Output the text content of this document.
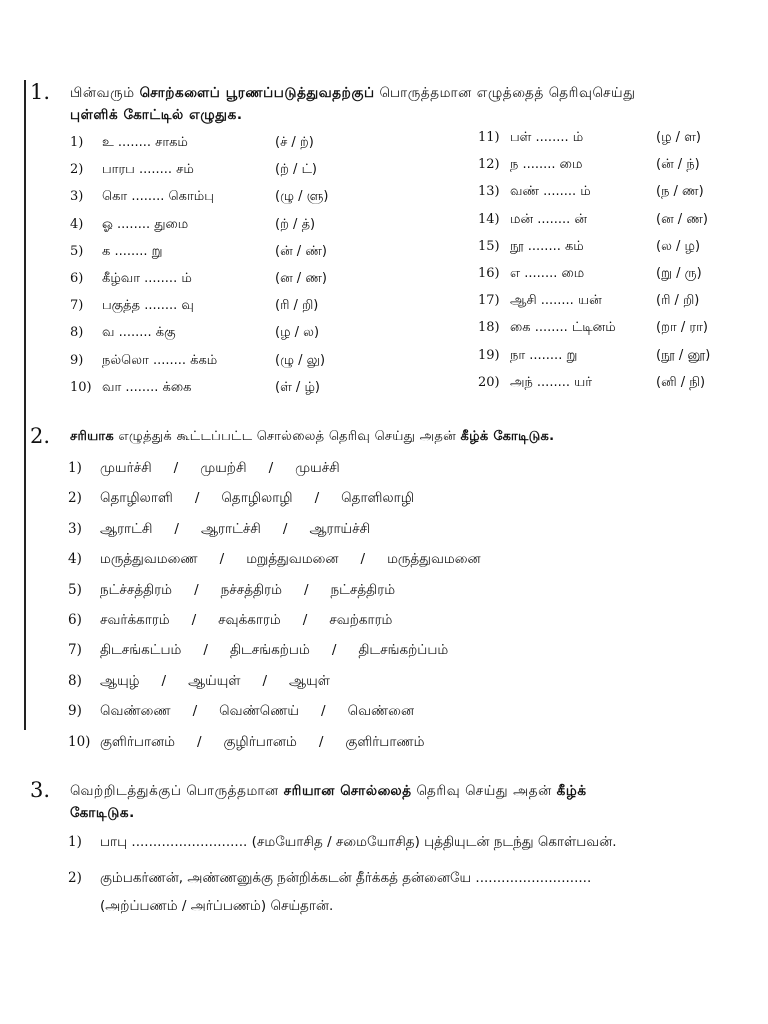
1. பின்வரும் சொற்களைப் பூரணப்படுத்துவதற்குப் பொருத்தமான எழுத்தைத் தெரிவுசெய்து
புள்ளிக் கோட்டில் எழுதுக.
1)	உ ........ சாகம்	(ச் / ற்)
2)	பாரப ........ சம்	(ற் / ட்)
3)	கொ ........ கொம்பு	(ழு / ளு)
4)	ஓ ........ துமை	(ற் / த்)
5)	க ........ று	(ன் / ண்)
6)	கீழ்வா ........ ம்	(ன / ண)
7)	பகுத்த ........ வு	(ரி / றி)
8)	வ ........ க்கு	(ழ / ல)
9)	நல்லொ ........ க்கம்	(ழு / லு)
10) வா ........ க்கை	(ள் / ழ்)
11) பள் ........ ம்	(ழ / ள)
12) ந ........ மை	(ன் / ந்)
13) வண் ........ ம்	(ந / ண)
14) மன் ........ ன்	(ன / ண)
15) நூ ........ கம்	(ல / ழ)
16) எ ........ மை	(று / ரு)
17) ஆசி ........ யன்	(ரி / றி)
18) கை ........ ட்டினம்	(றா / ரா)
19) நா ........ று	(நூ / னூ)
20) அந் ........ யர்	(னி / நி)
2. சரியாக எழுத்துக் கூட்டப்பட்ட சொல்லைத் தெரிவு செய்து அதன் கீழ்க் கோடிடுக.
1) முயர்ச்சி / முயற்சி / முயச்சி
2) தொழிலாளி / தொழிலாழி / தொளிலாழி
3) ஆராட்சி / ஆராட்ச்சி / ஆராய்ச்சி
4) மருத்துவமணை / மறுத்துவமனை / மருத்துவமனை
5) நட்ச்சத்திரம் / நச்சத்திரம் / நட்சத்திரம்
6) சவர்க்காரம் / சவுக்காரம் / சவற்காரம்
7) திடசங்கட்பம் / திடசங்கற்பம் / திடசங்கற்ப்பம்
8) ஆயுழ் / ஆய்யுள் / ஆயுள்
9) வெண்ணை / வெண்ணெய் / வெண்னை
10) குளிர்பானம் / குழிர்பானம் / குளிர்பாணம்
3. வெற்றிடத்துக்குப் பொருத்தமான சரியான சொல்லைத் தெரிவு செய்து அதன் கீழ்க்
கோடிடுக.
1) பாபு ........................... (சமயோசித / சமையோசித) புத்தியுடன் நடந்து கொள்பவன்.
2) கும்பகர்ணன், அண்ணனுக்கு நன்றிக்கடன் தீர்க்கத் தன்னையே ...........................
(அற்ப்பணம் / அர்ப்பணம்) செய்தான்.
